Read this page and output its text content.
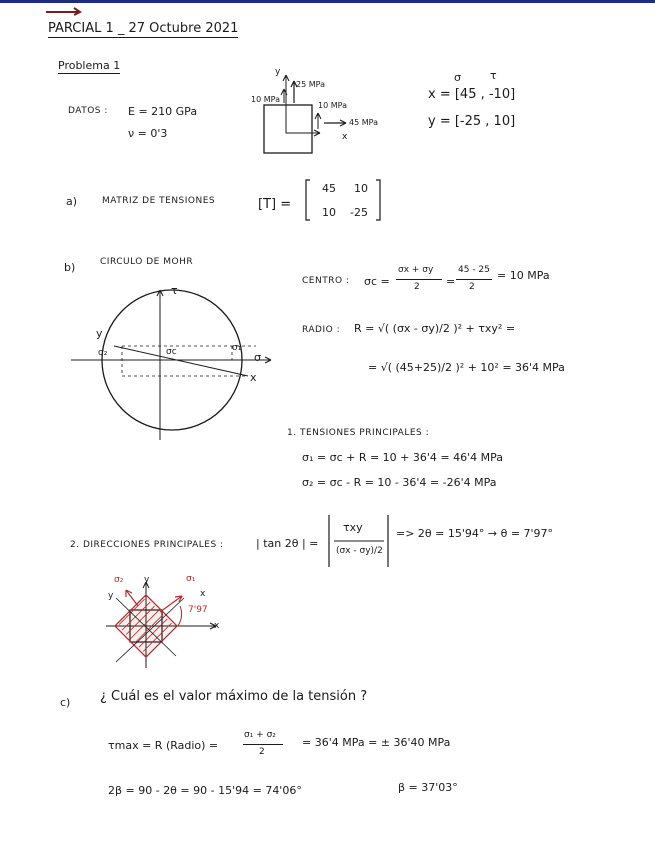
PARCIAL 1 _ 27 Octubre 2021
Problema 1
DATOS : E = 210 GPa
ν = 0'3
y
25 MPa
10 MPa
10 MPa
45 MPa
x
σ	τ
x = [45 , -10]
y = [-25 , 10]
a)	MATRIZ DE TENSIONES	[T] =
45 10
10 -25
b)	CIRCULO DE MOHR
τ
σ
x
y
σ₁
σ₂	σc
CENTRO : σc =
σx + σy
2 =
45 - 25
2
= 10 MPa
RADIO : R = √( (σx - σy)/2 )² + τxy² =
= √( (45+25)/2 )² + 10² = 36'4 MPa
1. TENSIONES PRINCIPALES :
σ₁ = σc + R = 10 + 36'4 = 46'4 MPa
σ₂ = σc - R = 10 - 36'4 = -26'4 MPa
2. DIRECCIONES PRINCIPALES :	| tan 2θ | =
τxy
(σx - σy)/2
=> 2θ = 15'94° → θ = 7'97°
σ₂	σ₁
y
y	x
x
7'97
c) ¿ Cuál es el valor máximo de la tensión ?
τmax = R (Radio) =
σ₁ + σ₂
2
= 36'4 MPa = ± 36'40 MPa
2β = 90 - 2θ = 90 - 15'94 = 74'06°	β = 37'03°
